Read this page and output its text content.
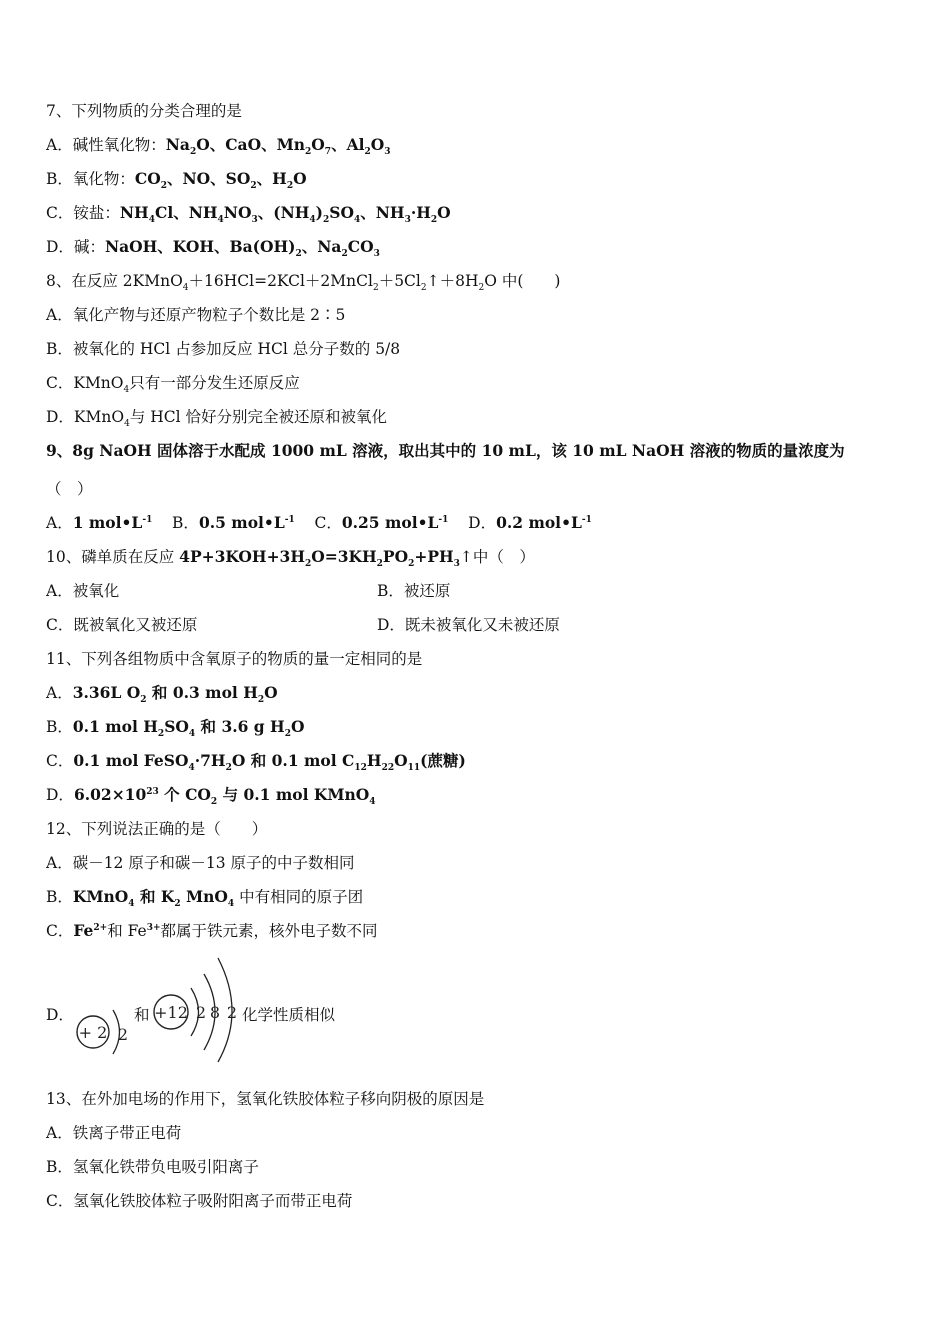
7、下列物质的分类合理的是
A．碱性氧化物：$Na_2O$、CaO、$Mn_2O_7$、$Al_2O_3$
B．氧化物：$CO_2$、NO、$SO_2$、$H_2O$
C．铵盐：$NH_4Cl$、$NH_4NO_3$、$(NH_4)_2SO_4$、$NH_3\cdot H_2O$
D．碱：NaOH、KOH、$Ba(OH)_2$、$Na_2CO_3$
8、在反应 $2KMnO_4+16HCl=2KCl+2MnCl_2+5Cl_2↑+8H_2O$ 中(　　)
A．氧化产物与还原产物粒子个数比是 2∶5
B．被氧化的 HCl 占参加反应 HCl 总分子数的 5/8
C．KMnO$_4$只有一部分发生还原反应
D．KMnO$_4$与 HCl 恰好分别完全被还原和被氧化
9、8g NaOH 固体溶于水配成 1000 mL 溶液，取出其中的 10 mL，该 10 mL NaOH 溶液的物质的量浓度为
（　）
A．1 $mol•L^{-1}$ B．0.5 $mol•L^{-1}$ C．0.25 $mol•L^{-1}$ D．0.2 $mol•L^{-1}$
10、磷单质在反应 $4P+3KOH+3H_2O=3KH_2PO_2+PH_3↑$中（　）
A．被氧化	B．被还原
C．既被氧化又被还原	D．既未被氧化又未被还原
11、下列各组物质中含氧原子的物质的量一定相同的是
A．3.36L $O_2$ 和 0.3 mol $H_2O$
B．0.1 mol $H_2SO_4$ 和 3.6 g $H_2O$
C．0.1 mol $FeSO_4\cdot 7H_2O$ 和 0.1 mol $C_{12}H_{22}O_{11}$(蔗糖)
D．$6.02\times 10^{23}$ 个 $CO_2$ 与 0.1 mol KMnO$_4$
12、下列说法正确的是（　　）
A．碳－12 原子和碳－13 原子的中子数相同
B．KMnO$_4$ 和 $K_2$ MnO$_4$ 中有相同的原子团
C．$Fe^{2+}$和 $Fe^{3+}$都属于铁元素，核外电子数不同
D．
+ 2 2
和 +12 2 8 2 化学性质相似
13、在外加电场的作用下，氢氧化铁胶体粒子移向阴极的原因是
A．铁离子带正电荷
B．氢氧化铁带负电吸引阳离子
C．氢氧化铁胶体粒子吸附阳离子而带正电荷
